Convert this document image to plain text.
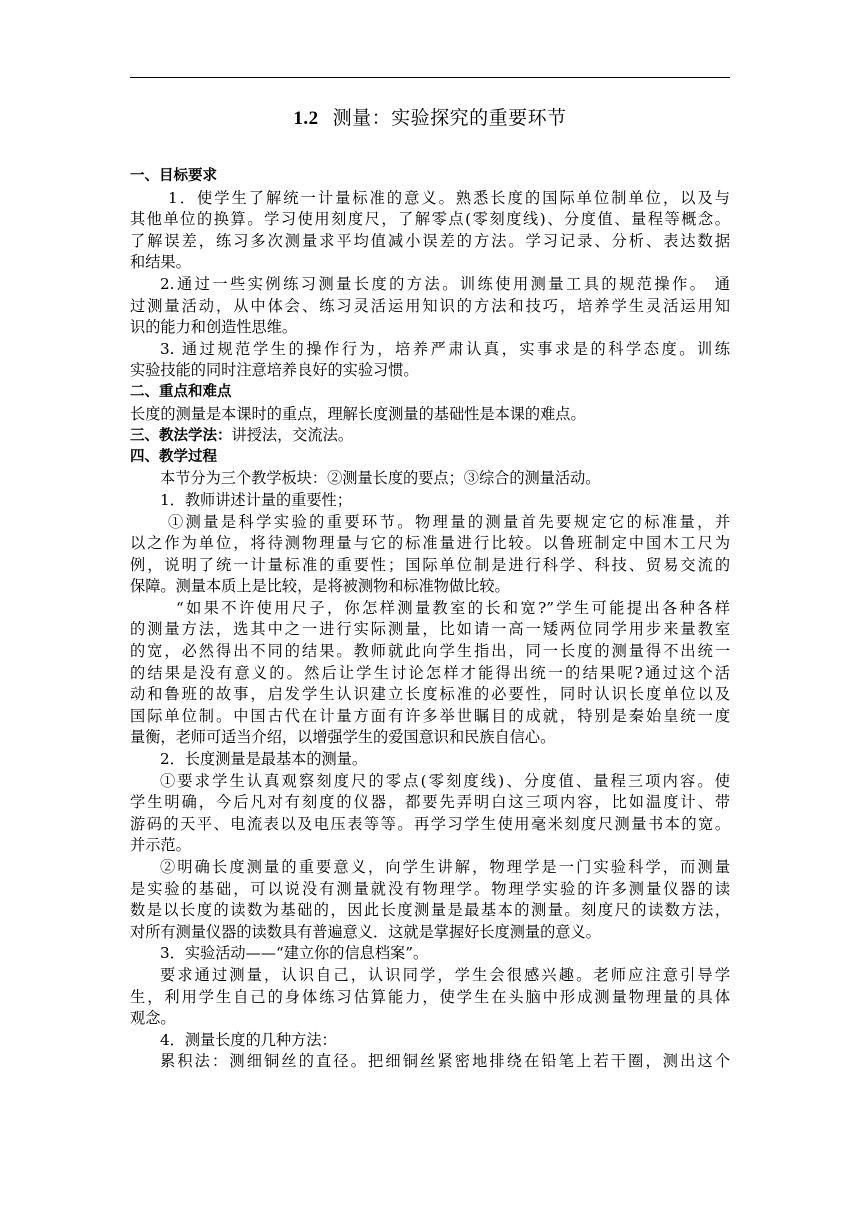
1.2 测量：实验探究的重要环节
一、目标要求
1．使学生了解统一计量标准的意义。熟悉长度的国际单位制单位，以及与
其他单位的换算。学习使用刻度尺，了解零点(零刻度线)、分度值、量程等概念。
了解误差，练习多次测量求平均值减小误差的方法。学习记录、分析、表达数据
和结果。
2.通过一些实例练习测量长度的方法。训练使用测量工具的规范操作。 通
过测量活动，从中体会、练习灵活运用知识的方法和技巧，培养学生灵活运用知
识的能力和创造性思维。
3. 通过规范学生的操作行为，培养严肃认真，实事求是的科学态度。训练
实验技能的同时注意培养良好的实验习惯。
二、重点和难点
长度的测量是本课时的重点，理解长度测量的基础性是本课的难点。
三、教法学法：讲授法，交流法。
四、教学过程
本节分为三个教学板块：②测量长度的要点；③综合的测量活动。
1．教师讲述计量的重要性；
①测量是科学实验的重要环节。物理量的测量首先要规定它的标准量，并
以之作为单位，将待测物理量与它的标准量进行比较。以鲁班制定中国木工尺为
例，说明了统一计量标准的重要性；国际单位制是进行科学、科技、贸易交流的
保障。测量本质上是比较，是将被测物和标准物做比较。
“如果不许使用尺子，你怎样测量教室的长和宽?”学生可能提出各种各样
的测量方法，选其中之一进行实际测量，比如请一高一矮两位同学用步来量教室
的宽，必然得出不同的结果。教师就此向学生指出，同一长度的测量得不出统一
的结果是没有意义的。然后让学生讨论怎样才能得出统一的结果呢?通过这个活
动和鲁班的故事，启发学生认识建立长度标准的必要性，同时认识长度单位以及
国际单位制。中国古代在计量方面有许多举世瞩目的成就，特别是秦始皇统一度
量衡，老师可适当介绍，以增强学生的爱国意识和民族自信心。
2．长度测量是最基本的测量。
①要求学生认真观察刻度尺的零点(零刻度线)、分度值、量程三项内容。使
学生明确，今后凡对有刻度的仪器，都要先弄明白这三项内容，比如温度计、带
游码的天平、电流表以及电压表等等。再学习学生使用毫米刻度尺测量书本的宽。
并示范。
②明确长度测量的重要意义，向学生讲解，物理学是一门实验科学，而测量
是实验的基础，可以说没有测量就没有物理学。物理学实验的许多测量仪器的读
数是以长度的读数为基础的，因此长度测量是最基本的测量。刻度尺的读数方法，
对所有测量仪器的读数具有普遍意义．这就是掌握好长度测量的意义。
3．实验活动——“建立你的信息档案”。
要求通过测量，认识自己，认识同学，学生会很感兴趣。老师应注意引导学
生，利用学生自己的身体练习估算能力，使学生在头脑中形成测量物理量的具体
观念。
4．测量长度的几种方法：
累积法：测细铜丝的直径。把细铜丝紧密地排绕在铅笔上若干圈，测出这个
